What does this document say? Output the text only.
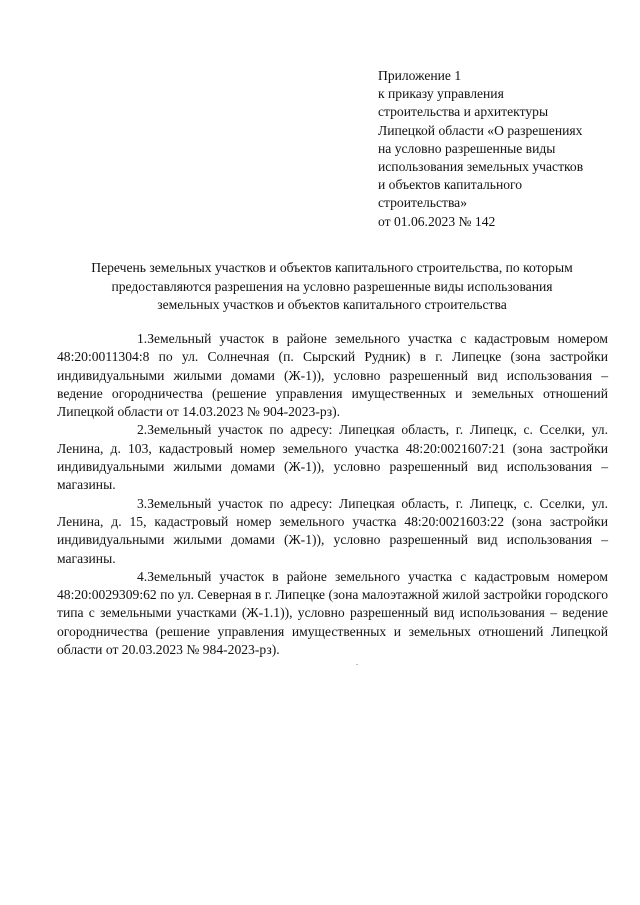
Приложение 1
к приказу управления
строительства и архитектуры
Липецкой области «О разрешениях
на условно разрешенные виды
использования земельных участков
и объектов капитального
строительства»
от 01.06.2023 № 142
Перечень земельных участков и объектов капитального строительства, по которым
предоставляются разрешения на условно разрешенные виды использования
земельных участков и объектов капитального строительства

1.Земельный участок в районе земельного участка с кадастровым номером 48:20:0011304:8 по ул. Солнечная (п. Сырский Рудник) в г. Липецке (зона застройки индивидуальными жилыми домами (Ж-1)), условно разрешенный вид использования – ведение огородничества (решение управления имущественных и земельных отношений Липецкой области от 14.03.2023 № 904-2023-рз).

2.Земельный участок по адресу: Липецкая область, г. Липецк, с. Сселки, ул. Ленина, д. 103, кадастровый номер земельного участка 48:20:0021607:21 (зона застройки индивидуальными жилыми домами (Ж-1)), условно разрешенный вид использования – магазины.

3.Земельный участок по адресу: Липецкая область, г. Липецк, с. Сселки, ул. Ленина, д. 15, кадастровый номер земельного участка 48:20:0021603:22 (зона застройки индивидуальными жилыми домами (Ж-1)), условно разрешенный вид использования – магазины.

4.Земельный участок в районе земельного участка с кадастровым номером 48:20:0029309:62 по ул. Северная в г. Липецке (зона малоэтажной жилой застройки городского типа с земельными участками (Ж-1.1)), условно разрешенный вид использования – ведение огородничества (решение управления имущественных и земельных отношений Липецкой области от 20.03.2023 № 984-2023-рз).
